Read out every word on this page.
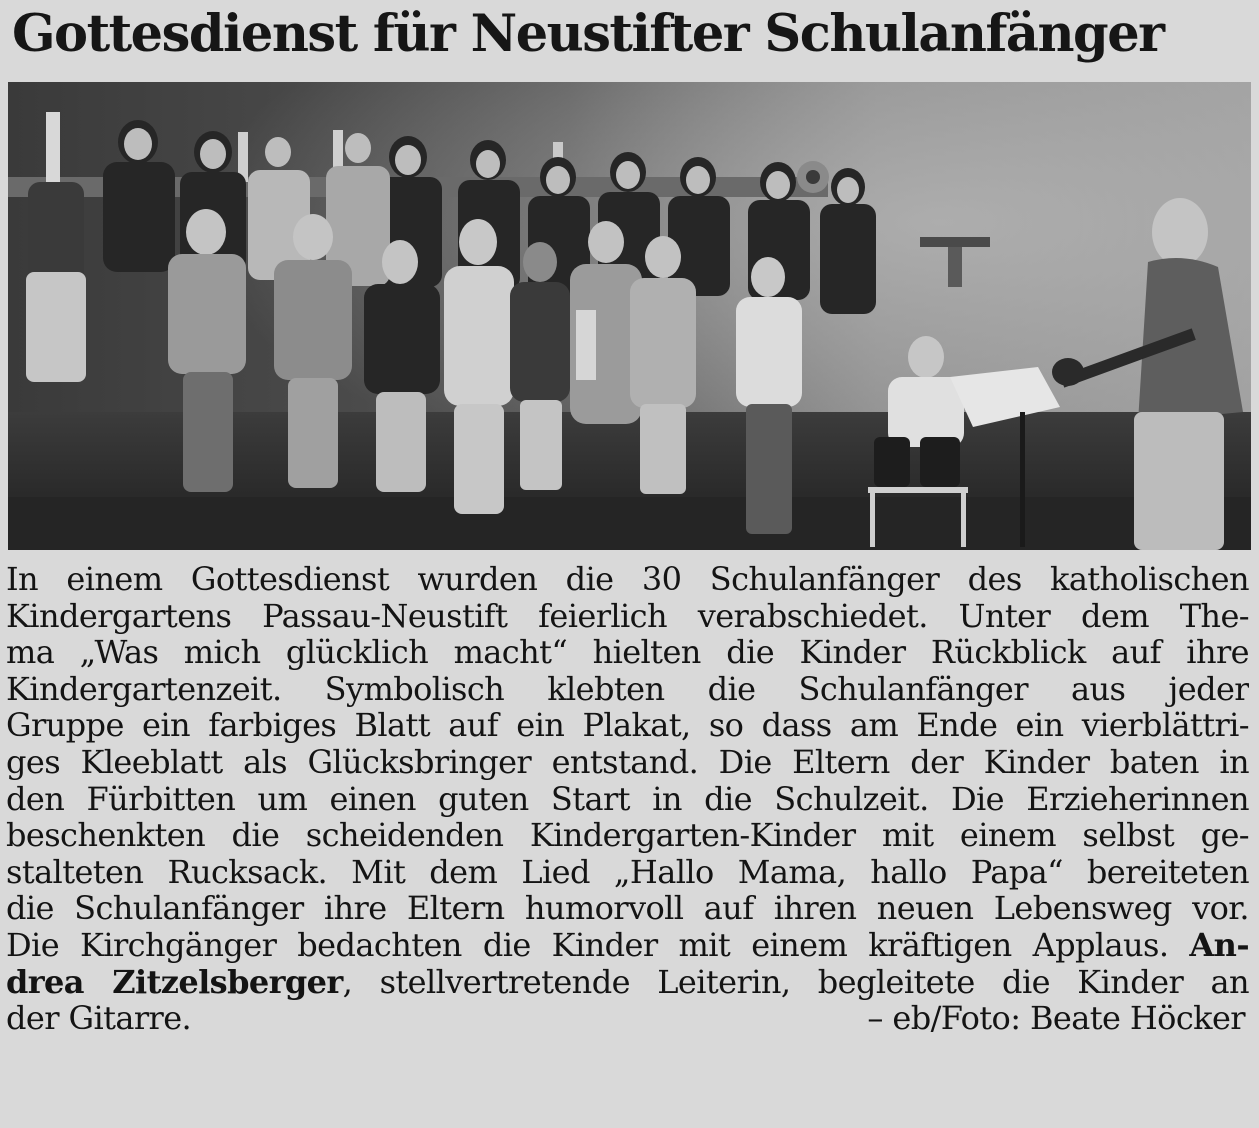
Gottesdienst für Neustifter Schulanfänger
In einem Gottesdienst wurden die 30 Schulanfänger des katholischen
Kindergartens Passau-Neustift feierlich verabschiedet. Unter dem The-
ma „Was mich glücklich macht“ hielten die Kinder Rückblick auf ihre
Kindergartenzeit. Symbolisch klebten die Schulanfänger aus jeder
Gruppe ein farbiges Blatt auf ein Plakat, so dass am Ende ein vierblättri-
ges Kleeblatt als Glücksbringer entstand. Die Eltern der Kinder baten in
den Fürbitten um einen guten Start in die Schulzeit. Die Erzieherinnen
beschenkten die scheidenden Kindergarten-Kinder mit einem selbst ge-
stalteten Rucksack. Mit dem Lied „Hallo Mama, hallo Papa“ bereiteten
die Schulanfänger ihre Eltern humorvoll auf ihren neuen Lebensweg vor.
Die Kirchgänger bedachten die Kinder mit einem kräftigen Applaus. An-
drea Zitzelsberger, stellvertretende Leiterin, begleitete die Kinder an
der Gitarre.	– eb/Foto: Beate Höcker
